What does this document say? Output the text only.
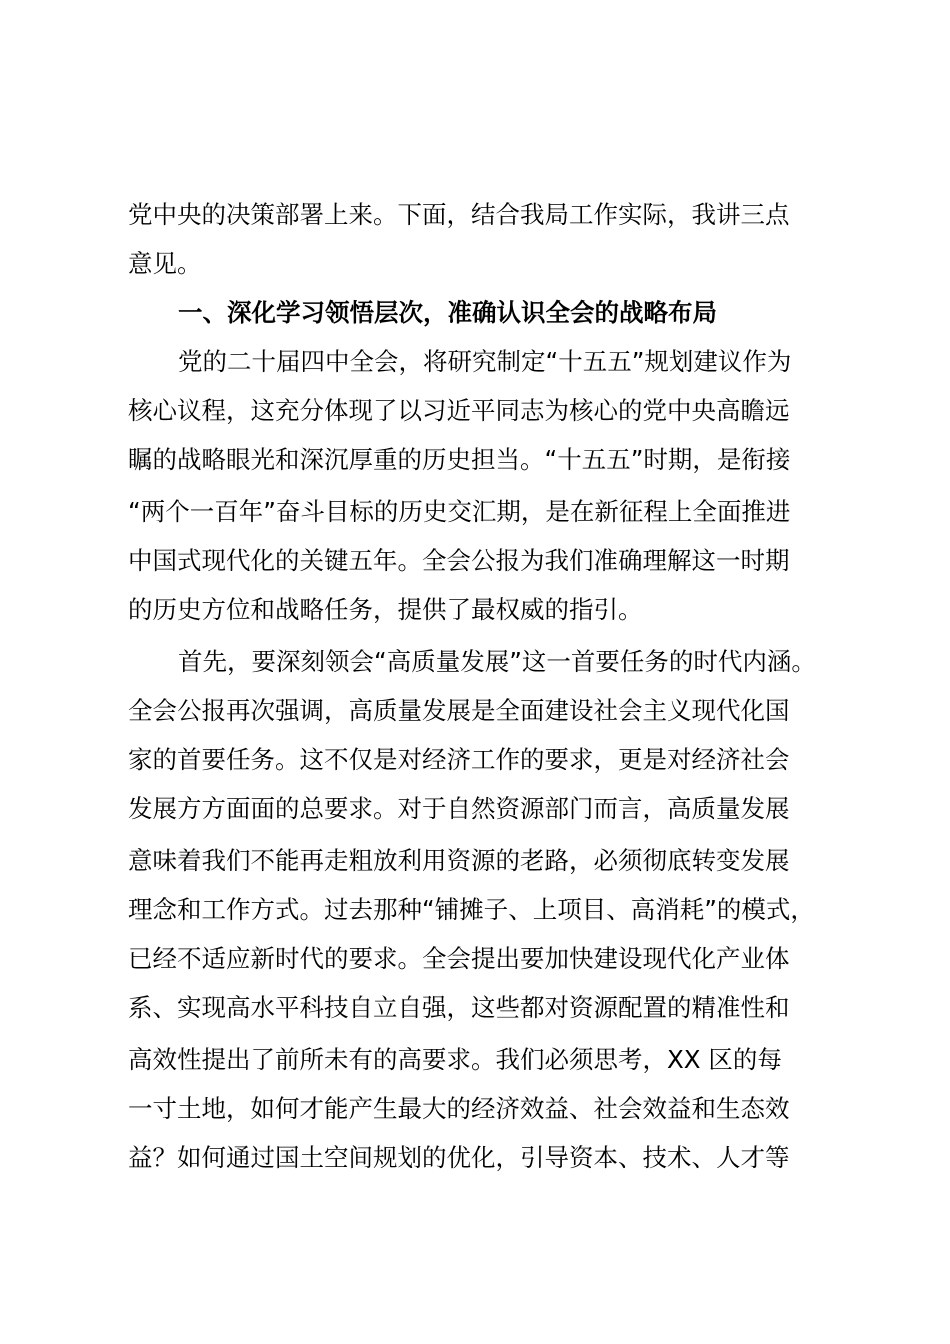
党中央的决策部署上来。下面，结合我局工作实际，我讲三点
意见。
一、深化学习领悟层次，准确认识全会的战略布局
党的二十届四中全会，将研究制定“十五五”规划建议作为
核心议程，这充分体现了以习近平同志为核心的党中央高瞻远
瞩的战略眼光和深沉厚重的历史担当。“十五五”时期，是衔接
“两个一百年”奋斗目标的历史交汇期，是在新征程上全面推进
中国式现代化的关键五年。全会公报为我们准确理解这一时期
的历史方位和战略任务，提供了最权威的指引。
首先，要深刻领会“高质量发展”这一首要任务的时代内涵。
全会公报再次强调，高质量发展是全面建设社会主义现代化国
家的首要任务。这不仅是对经济工作的要求，更是对经济社会
发展方方面面的总要求。对于自然资源部门而言，高质量发展
意味着我们不能再走粗放利用资源的老路，必须彻底转变发展
理念和工作方式。过去那种“铺摊子、上项目、高消耗”的模式，
已经不适应新时代的要求。全会提出要加快建设现代化产业体
系、实现高水平科技自立自强，这些都对资源配置的精准性和
高效性提出了前所未有的高要求。我们必须思考，XX 区的每
一寸土地，如何才能产生最大的经济效益、社会效益和生态效
益？如何通过国土空间规划的优化，引导资本、技术、人才等
